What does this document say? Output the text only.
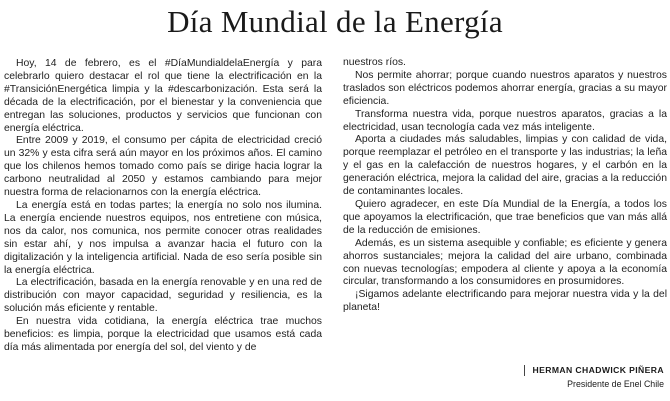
Día Mundial de la Energía

Hoy, 14 de febrero, es el #DíaMundialdelaEnergía y para celebrarlo quiero destacar el rol que tiene la electrificación en la #TransiciónEnergética limpia y la #descarbonización. Esta será la década de la electrificación, por el bienestar y la conveniencia que entregan las soluciones, productos y servicios que funcionan con energía eléctrica.

Entre 2009 y 2019, el consumo per cápita de electricidad creció un 32% y esta cifra será aún mayor en los próximos años. El camino que los chilenos hemos tomado como país se dirige hacia lograr la carbono neutralidad al 2050 y estamos cambiando para mejor nuestra forma de relacionarnos con la energía eléctrica.

La energía está en todas partes; la energía no solo nos ilumina. La energía enciende nuestros equipos, nos entretiene con música, nos da calor, nos comunica, nos permite conocer otras realidades sin estar ahí, y nos impulsa a avanzar hacia el futuro con la digitalización y la inteligencia artificial. Nada de eso sería posible sin la energía eléctrica.

La electrificación, basada en la energía renovable y en una red de distribución con mayor capacidad, seguridad y resiliencia, es la solución más eficiente y rentable.

En nuestra vida cotidiana, la energía eléctrica trae muchos beneficios: es limpia, porque la electricidad que usamos está cada día más alimentada por energía del sol, del viento y de

nuestros ríos.

Nos permite ahorrar; porque cuando nuestros aparatos y nuestros traslados son eléctricos podemos ahorrar energía, gracias a su mayor eficiencia.

Transforma nuestra vida, porque nuestros aparatos, gracias a la electricidad, usan tecnología cada vez más inteligente.

Aporta a ciudades más saludables, limpias y con calidad de vida, porque reemplazar el petróleo en el transporte y las industrias; la leña y el gas en la calefacción de nuestros hogares, y el carbón en la generación eléctrica, mejora la calidad del aire, gracias a la reducción de contaminantes locales.

Quiero agradecer, en este Día Mundial de la Energía, a todos los que apoyamos la electrificación, que trae beneficios que van más allá de la reducción de emisiones.

Además, es un sistema asequible y confiable; es eficiente y genera ahorros sustanciales; mejora la calidad del aire urbano, combinada con nuevas tecnologías; empodera al cliente y apoya a la economía circular, transformando a los consumidores en prosumidores.

¡Sigamos adelante electrificando para mejorar nuestra vida y la del planeta!

HERMAN CHADWICK PIÑERA
Presidente de Enel Chile
